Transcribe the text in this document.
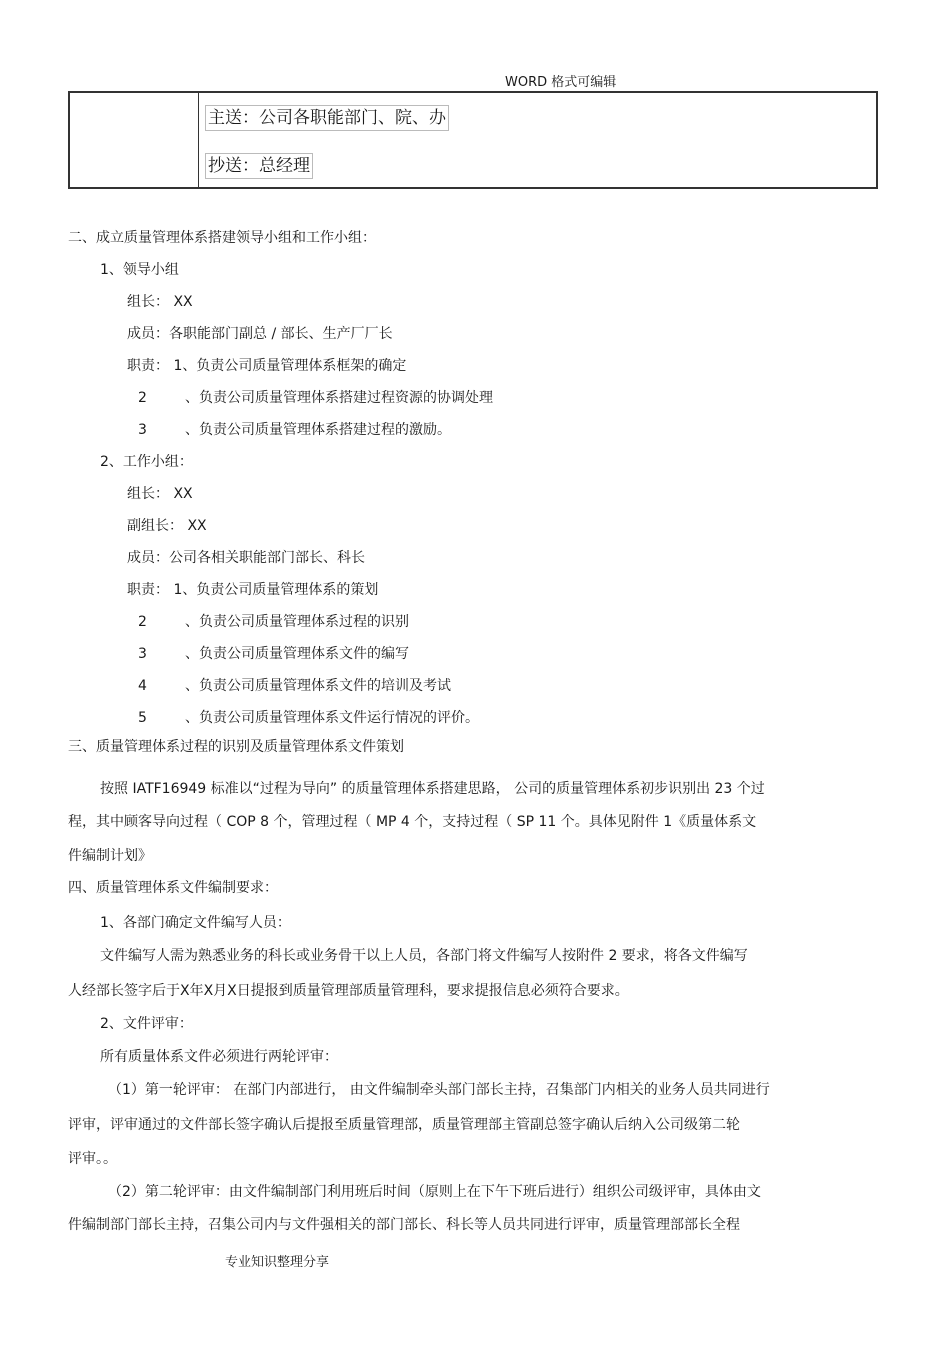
WORD 格式可编辑
主送：公司各职能部门、院、办
抄送：总经理
二、成立质量管理体系搭建领导小组和工作小组：
1、领导小组
组长： XX
成员：各职能部门副总 / 部长、生产厂厂长
职责： 1、负责公司质量管理体系框架的确定
2	、负责公司质量管理体系搭建过程资源的协调处理
3	、负责公司质量管理体系搭建过程的激励。
2、工作小组：
组长： XX
副组长： XX
成员：公司各相关职能部门部长、科长
职责： 1、负责公司质量管理体系的策划
2	、负责公司质量管理体系过程的识别
3	、负责公司质量管理体系文件的编写
4	、负责公司质量管理体系文件的培训及考试
5	、负责公司质量管理体系文件运行情况的评价。
三、质量管理体系过程的识别及质量管理体系文件策划
按照 IATF16949 标准以“过程为导向” 的质量管理体系搭建思路， 公司的质量管理体系初步识别出 23 个过
程，其中顾客导向过程（ COP 8 个，管理过程（ MP 4 个，支持过程（ SP 11 个。具体见附件 1《质量体系文
件编制计划》
四、质量管理体系文件编制要求：
1、各部门确定文件编写人员：
文件编写人需为熟悉业务的科长或业务骨干以上人员，各部门将文件编写人按附件 2 要求，将各文件编写
人经部长签字后于X年X月X日提报到质量管理部质量管理科，要求提报信息必须符合要求。
2、文件评审：
所有质量体系文件必须进行两轮评审：
（1）第一轮评审： 在部门内部进行， 由文件编制牵头部门部长主持，召集部门内相关的业务人员共同进行
评审，评审通过的文件部长签字确认后提报至质量管理部，质量管理部主管副总签字确认后纳入公司级第二轮
评审。。
（2）第二轮评审：由文件编制部门利用班后时间（原则上在下午下班后进行）组织公司级评审，具体由文
件编制部门部长主持，召集公司内与文件强相关的部门部长、科长等人员共同进行评审，质量管理部部长全程
专业知识整理分享
